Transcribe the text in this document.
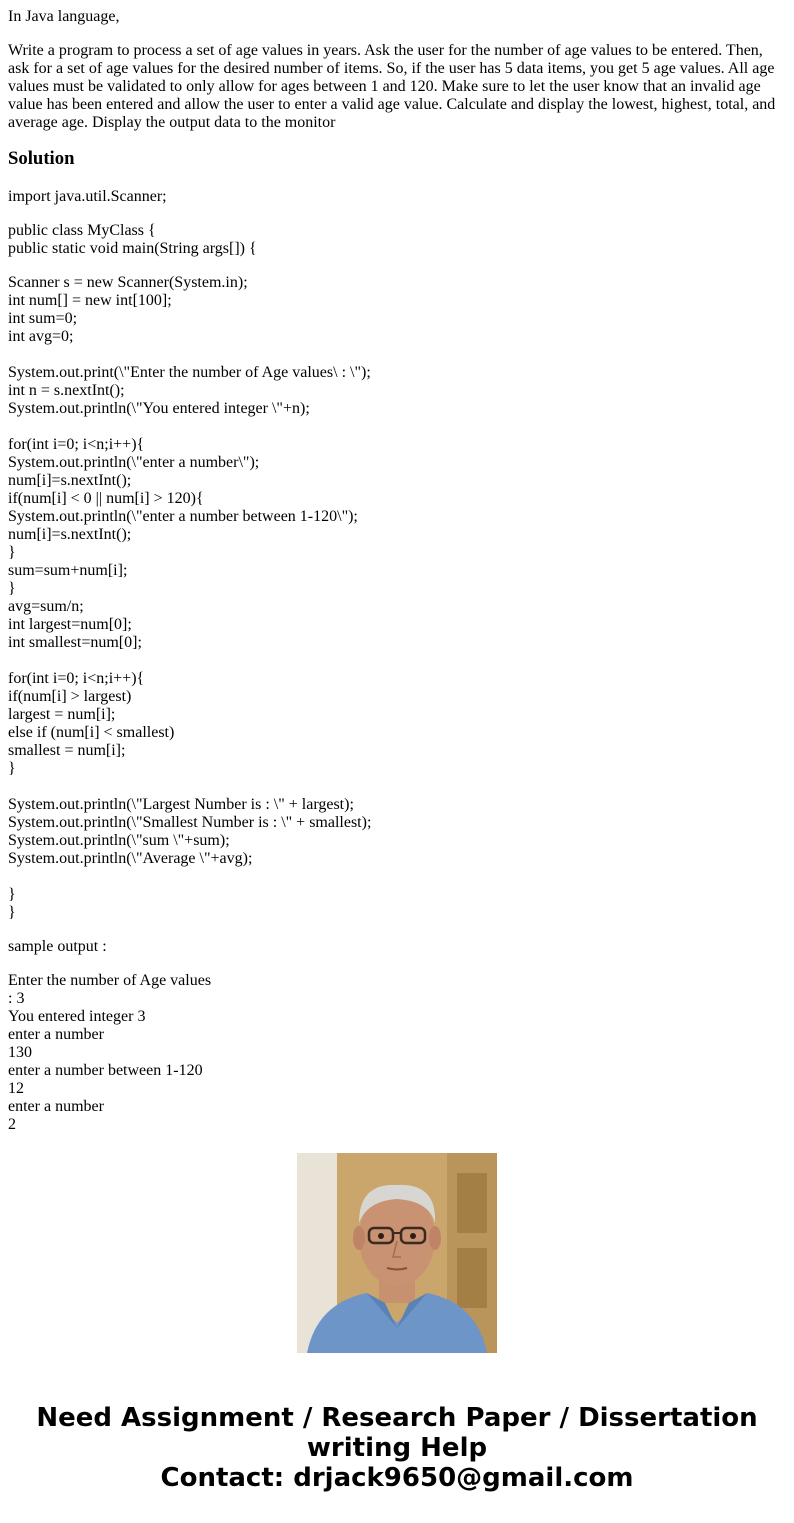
In Java language,

Write a program to process a set of age values in years. Ask the user for the number of age values to be entered. Then, ask for a set of age values for the desired number of items. So, if the user has 5 data items, you get 5 age values. All age values must be validated to only allow for ages between 1 and 120. Make sure to let the user know that an invalid age value has been entered and allow the user to enter a valid age value. Calculate and display the lowest, highest, total, and average age. Display the output data to the monitor

Solution
import java.util.Scanner;
public class MyClass {
public static void main(String args[]) {
Scanner s = new Scanner(System.in);
int num[] = new int[100];
int sum=0;
int avg=0;
System.out.print(\"Enter the number of Age values\ : \");
int n = s.nextInt();
System.out.println(\"You entered integer \"+n);
for(int i=0; i<n;i++){
System.out.println(\"enter a number\");
num[i]=s.nextInt();
if(num[i] < 0 || num[i] > 120){
System.out.println(\"enter a number between 1-120\");
num[i]=s.nextInt();
}
sum=sum+num[i];
}
avg=sum/n;
int largest=num[0];
int smallest=num[0];
for(int i=0; i<n;i++){
if(num[i] > largest)
largest = num[i];
else if (num[i] < smallest)
smallest = num[i];
}
System.out.println(\"Largest Number is : \" + largest);
System.out.println(\"Smallest Number is : \" + smallest);
System.out.println(\"sum \"+sum);
System.out.println(\"Average \"+avg);
}
}
sample output :
Enter the number of Age values
: 3
You entered integer 3
enter a number
130
enter a number between 1-120
12
enter a number
2
Need Assignment / Research Paper / Dissertation
writing Help
Contact: drjack9650@gmail.com
